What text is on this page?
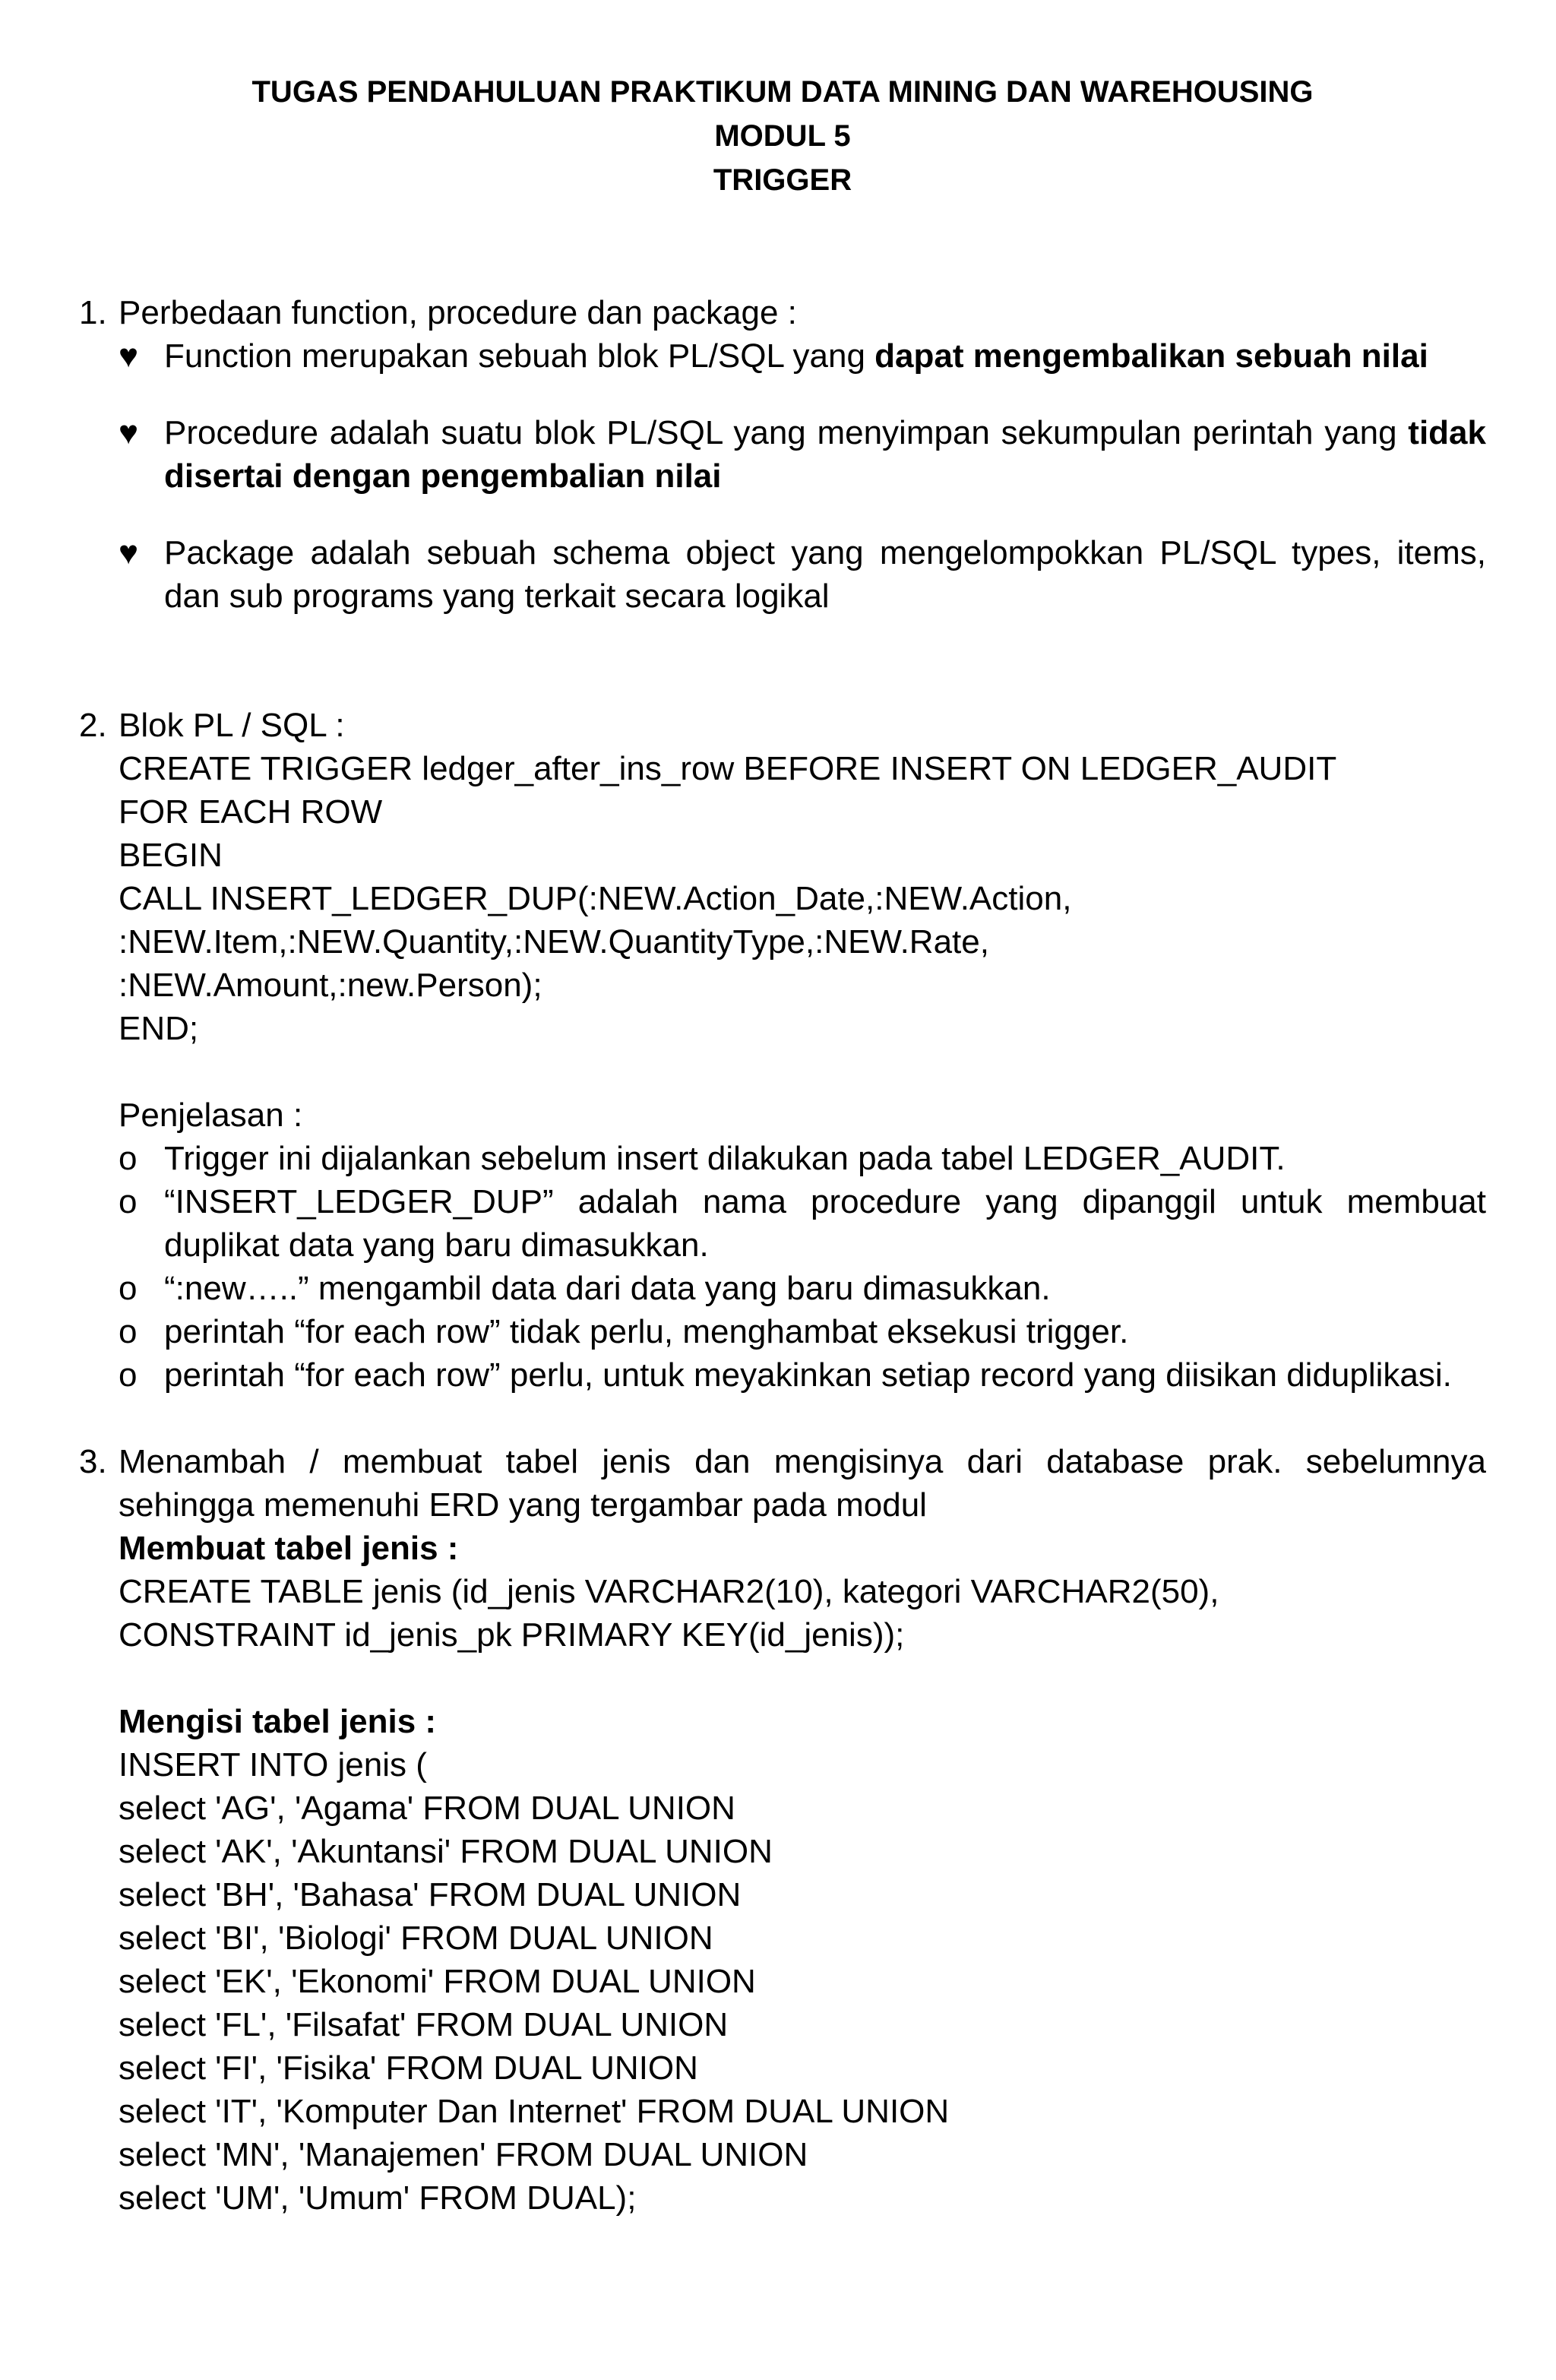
TUGAS PENDAHULUAN PRAKTIKUM DATA MINING DAN WAREHOUSING
MODUL 5
TRIGGER
1. Perbedaan function, procedure dan package :
♥ Function merupakan sebuah blok PL/SQL yang dapat mengembalikan sebuah nilai
♥ Procedure adalah suatu blok PL/SQL yang menyimpan sekumpulan perintah yang tidak disertai dengan pengembalian nilai
♥ Package adalah sebuah schema object yang mengelompokkan PL/SQL types, items, dan sub programs yang terkait secara logikal
2. Blok PL / SQL :
CREATE TRIGGER ledger_after_ins_row BEFORE INSERT ON LEDGER_AUDIT
FOR EACH ROW
BEGIN
CALL INSERT_LEDGER_DUP(:NEW.Action_Date,:NEW.Action,
:NEW.Item,:NEW.Quantity,:NEW.QuantityType,:NEW.Rate,
:NEW.Amount,:new.Person);
END;
Penjelasan :
o Trigger ini dijalankan sebelum insert dilakukan pada tabel LEDGER_AUDIT.
o “INSERT_LEDGER_DUP” adalah nama procedure yang dipanggil untuk membuat duplikat data yang baru dimasukkan.
o “:new…..” mengambil data dari data yang baru dimasukkan.
o perintah “for each row” tidak perlu, menghambat eksekusi trigger.
o perintah “for each row” perlu, untuk meyakinkan setiap record yang diisikan diduplikasi.
3. Menambah / membuat tabel jenis dan mengisinya dari database prak. sebelumnya sehingga memenuhi ERD yang tergambar pada modul
Membuat tabel jenis :
CREATE TABLE jenis (id_jenis VARCHAR2(10), kategori VARCHAR2(50),
CONSTRAINT id_jenis_pk PRIMARY KEY(id_jenis));
Mengisi tabel jenis :
INSERT INTO jenis (
select 'AG', 'Agama' FROM DUAL UNION
select 'AK', 'Akuntansi' FROM DUAL UNION
select 'BH', 'Bahasa' FROM DUAL UNION
select 'BI', 'Biologi' FROM DUAL UNION
select 'EK', 'Ekonomi' FROM DUAL UNION
select 'FL', 'Filsafat' FROM DUAL UNION
select 'FI', 'Fisika' FROM DUAL UNION
select 'IT', 'Komputer Dan Internet' FROM DUAL UNION
select 'MN', 'Manajemen' FROM DUAL UNION
select 'UM', 'Umum' FROM DUAL);
